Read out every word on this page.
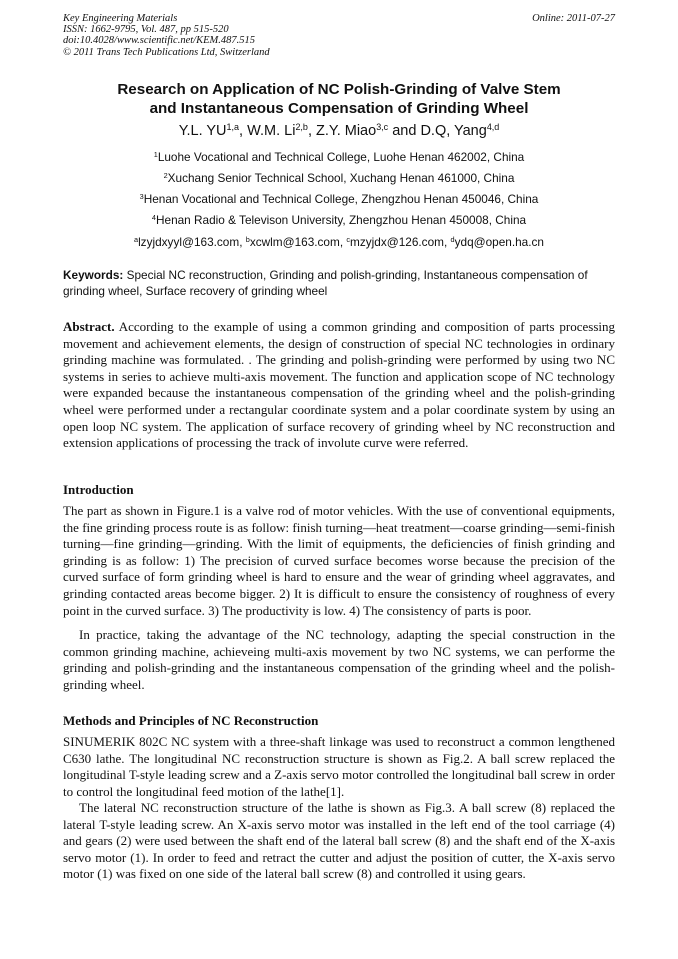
Key Engineering Materials
ISSN: 1662-9795, Vol. 487, pp 515-520
doi:10.4028/www.scientific.net/KEM.487.515
© 2011 Trans Tech Publications Ltd, Switzerland
Online: 2011-07-27
Research on Application of NC Polish-Grinding of Valve Stem
and Instantaneous Compensation of Grinding Wheel
Y.L. YU$^{1,a}$, W.M. Li$^{2,b}$, Z.Y. Miao$^{3,c}$ and D.Q, Yang$^{4,d}$
$^1$Luohe Vocational and Technical College, Luohe Henan 462002, China
$^2$Xuchang Senior Technical School, Xuchang Henan 461000, China
$^3$Henan Vocational and Technical College, Zhengzhou Henan 450046, China
$^4$Henan Radio & Televison University, Zhengzhou Henan 450008, China
$^a$lzyjdxyyl@163.com, $^b$xcwlm@163.com, $^c$mzyjdx@126.com, $^d$ydq@open.ha.cn
Keywords: Special NC reconstruction, Grinding and polish-grinding, Instantaneous compensation of grinding wheel, Surface recovery of grinding wheel
Abstract. According to the example of using a common grinding and composition of parts processing movement and achievement elements, the design of construction of special NC technologies in ordinary grinding machine was formulated. . The grinding and polish-grinding were performed by using two NC systems in series to achieve multi-axis movement. The function and application scope of NC technology were expanded because the instantaneous compensation of the grinding wheel and the polish-grinding wheel were performed under a rectangular coordinate system and a polar coordinate system by using an open loop NC system. The application of surface recovery of grinding wheel by NC reconstruction and extension applications of processing the track of involute curve were referred.
Introduction
The part as shown in Figure.1 is a valve rod of motor vehicles. With the use of conventional equipments, the fine grinding process route is as follow: finish turning—heat treatment—coarse grinding—semi-finish turning—fine grinding—grinding. With the limit of equipments, the deficiencies of finish grinding and grinding is as follow: 1) The precision of curved surface becomes worse because the precision of the curved surface of form grinding wheel is hard to ensure and the wear of grinding wheel aggravates, and grinding contacted areas become bigger. 2) It is difficult to ensure the consistency of roughness of every point in the curved surface. 3) The productivity is low. 4) The consistency of parts is poor.
In practice, taking the advantage of the NC technology, adapting the special construction in the common grinding machine, achieveing multi-axis movement by two NC systems, we can performe the grinding and polish-grinding and the instantaneous compensation of the grinding wheel and the polish-grinding wheel.
Methods and Principles of NC Reconstruction
SINUMERIK 802C NC system with a three-shaft linkage was used to reconstruct a common lengthened C630 lathe. The longitudinal NC reconstruction structure is shown as Fig.2. A ball screw replaced the longitudinal T-style leading screw and a Z-axis servo motor controlled the longitudinal ball screw in order to control the longitudinal feed motion of the lathe[1].
The lateral NC reconstruction structure of the lathe is shown as Fig.3. A ball screw (8) replaced the lateral T-style leading screw. An X-axis servo motor was installed in the left end of the tool carriage (4) and gears (2) were used between the shaft end of the lateral ball screw (8) and the shaft end of the X-axis servo motor (1). In order to feed and retract the cutter and adjust the position of cutter, the X-axis servo motor (1) was fixed on one side of the lateral ball screw (8) and controlled it using gears.
